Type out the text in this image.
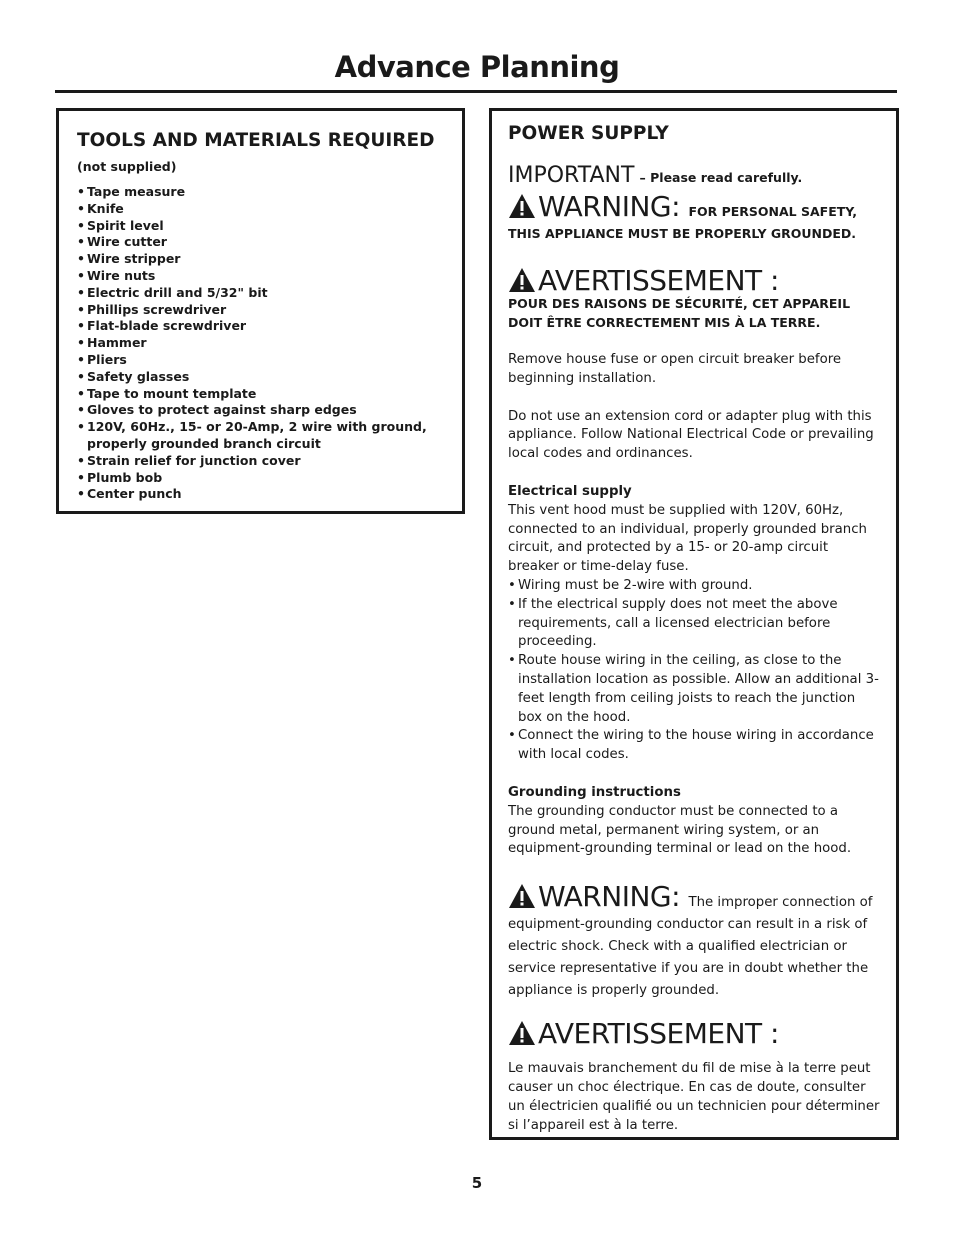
Advance Planning
TOOLS AND MATERIALS REQUIRED
(not supplied)
• Tape measure
• Knife
• Spirit level
• Wire cutter
• Wire stripper
• Wire nuts
• Electric drill and 5/32" bit
• Phillips screwdriver
• Flat-blade screwdriver
• Hammer
• Pliers
• Safety glasses
• Tape to mount template
• Gloves to protect against sharp edges
• 120V, 60Hz., 15- or 20-Amp, 2 wire with ground, properly grounded branch circuit
• Strain relief for junction cover
• Plumb bob
• Center punch
POWER SUPPLY
IMPORTANT – Please read carefully.
WARNING: FOR PERSONAL SAFETY, THIS APPLIANCE MUST BE PROPERLY GROUNDED.
AVERTISSEMENT :
POUR DES RAISONS DE SÉCURITÉ, CET APPAREIL DOIT ÊTRE CORRECTEMENT MIS À LA TERRE.

Remove house fuse or open circuit breaker before beginning installation.

Do not use an extension cord or adapter plug with this appliance. Follow National Electrical Code or prevailing local codes and ordinances.

Electrical supply

This vent hood must be supplied with 120V, 60Hz, connected to an individual, properly grounded branch circuit, and protected by a 15- or 20-amp circuit breaker or time-delay fuse.

• Wiring must be 2-wire with ground.
• If the electrical supply does not meet the above requirements, call a licensed electrician before proceeding.
• Route house wiring in the ceiling, as close to the installation location as possible. Allow an additional 3-feet length from ceiling joists to reach the junction box on the hood.
• Connect the wiring to the house wiring in accordance with local codes.
Grounding instructions

The grounding conductor must be connected to a ground metal, permanent wiring system, or an equipment-grounding terminal or lead on the hood.

WARNING: The improper connection of equipment-grounding conductor can result in a risk of electric shock. Check with a qualified electrician or service representative if you are in doubt whether the appliance is properly grounded.
AVERTISSEMENT :

Le mauvais branchement du fil de mise à la terre peut causer un choc électrique. En cas de doute, consulter un électricien qualifié ou un technicien pour déterminer si l’appareil est à la terre.

5
